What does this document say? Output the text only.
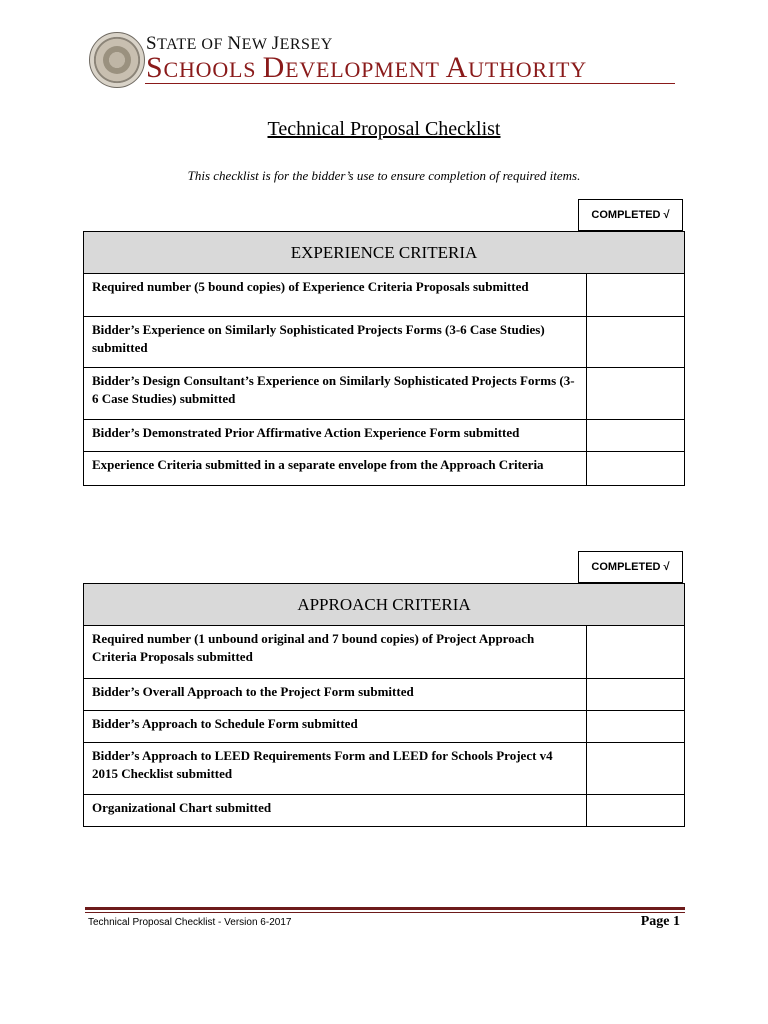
STATE OF NEW JERSEY
SCHOOLS DEVELOPMENT AUTHORITY
Technical Proposal Checklist
This checklist is for the bidder’s use to ensure completion of required items.
COMPLETED √
EXPERIENCE CRITERIA	
Required number (5 bound copies) of Experience Criteria Proposals submitted	
Bidder’s Experience on Similarly Sophisticated Projects Forms (3-6 Case Studies) submitted	
Bidder’s Design Consultant’s Experience on Similarly Sophisticated Projects Forms (3-6 Case Studies) submitted	
Bidder’s Demonstrated Prior Affirmative Action Experience Form submitted	
Experience Criteria submitted in a separate envelope from the Approach Criteria	
COMPLETED √
APPROACH CRITERIA	
Required number (1 unbound original and 7 bound copies) of Project Approach Criteria Proposals submitted	
Bidder’s Overall Approach to the Project Form submitted	
Bidder’s Approach to Schedule Form submitted	
Bidder’s Approach to LEED Requirements Form and LEED for Schools Project v4 2015 Checklist submitted	
Organizational Chart submitted	
Technical Proposal Checklist - Version 6-2017	Page 1
